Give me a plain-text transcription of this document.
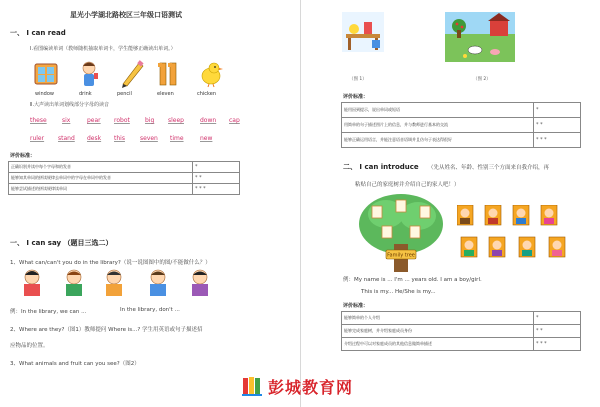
星光小学湖北路校区三年级口语测试
一、 I can read
Ⅰ.看图编读单词（教师随机抽取单词卡，学生能够正确读出单词。）
window	drink	pencil	eleven	chicken
Ⅱ.大声读出单词划线部分字母的读音
these	six	pear robot	big sleep	down cap
ruler stand desk this	seven time	new
评价标准：
正确识别并读中每个字母和的发音	*
能够知其单词的拼读规律去单词中的字母在单词中的发音	* *
能够尝试描述的拼读规律读单词	* * *
一、 I can say （题目三选二）
1、What can/can't you do in the library?（说一说图图中的图/不能做什么？）
例：In the library, we can ...	In the library, don't ...
2、Where are they?（图1）教师提问 Where is...? 学生用英语或句子描述招
应物品的位置。
3、What animals and fruit can you see?（图2）
（图 1）	（图 2）
评价标准：
能用因到提示，说出单词或短语	*
用简单的句子描述图片上的信息，并与教师进行基本的交流	* *
能够正确运用语言，并能注意语音语调并且仿句子表达得很好	* * *
二、 I can introduce （先从姓名、年龄、性别三个方面来自我介绍，再
粘贴自己的家庭树并介绍自己的家人吧！）
Family tree
例：My name is ... I'm ... years old. I am a boy/girl.
This is my... He/She is my...
评价标准：
能够简单的个人介绍	*
能够完成家庭树，并介绍家庭成员身份	* *
介绍过程中可以对家庭成员的其他信息做简单描述	* * *
彭城教育网
